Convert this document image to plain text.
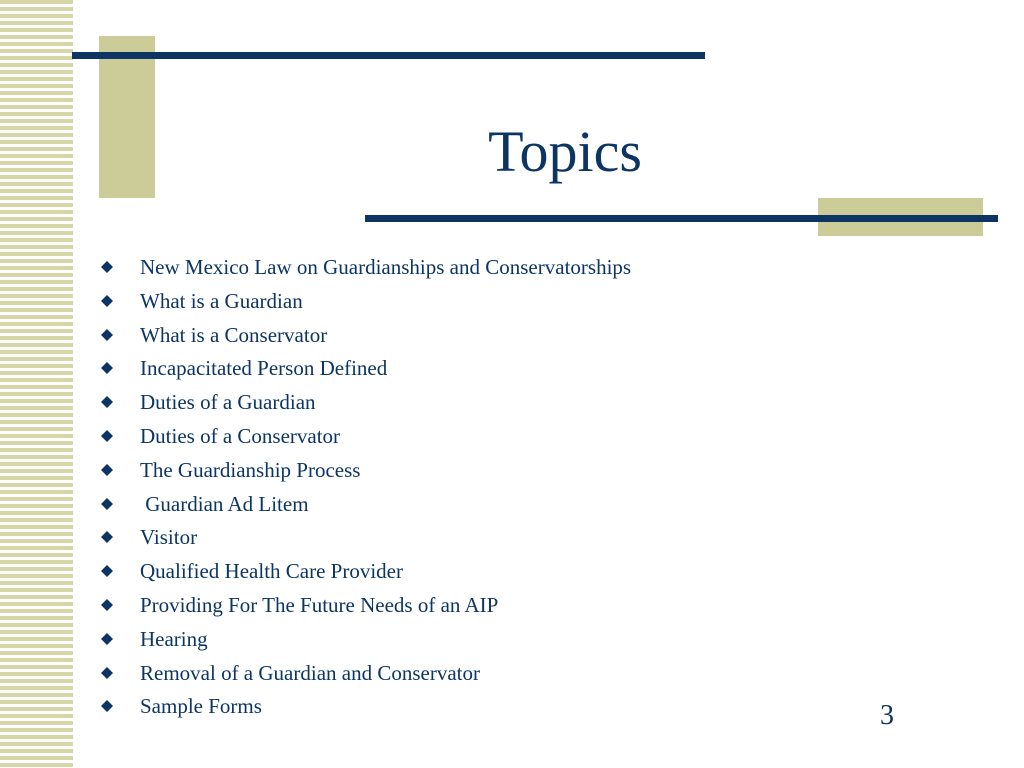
Topics

New Mexico Law on Guardianships and Conservatorships

What is a Guardian

What is a Conservator

Incapacitated Person Defined

Duties of a Guardian

Duties of a Conservator

The Guardianship Process

Guardian Ad Litem

Visitor

Qualified Health Care Provider

Providing For The Future Needs of an AIP

Hearing

Removal of a Guardian and Conservator

Sample Forms

	3
